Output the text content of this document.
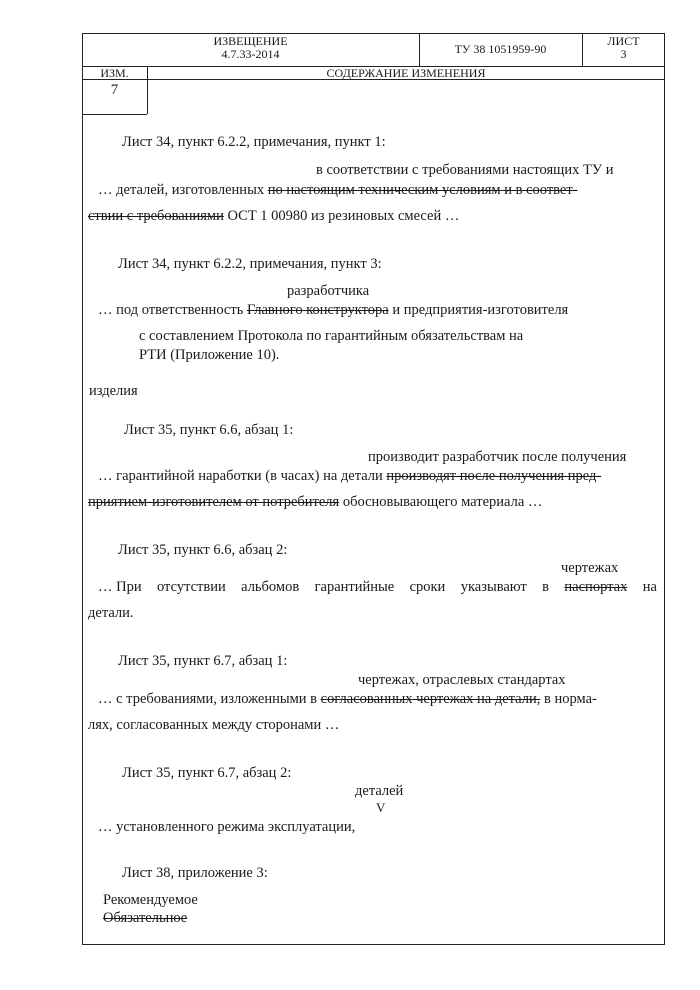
ИЗВЕЩЕНИЕ
4.7.33-2014	ТУ 38 1051959-90
ЛИСТ
3
ИЗМ.	СОДЕРЖАНИЕ ИЗМЕНЕНИЯ
7
Лист 34, пункт 6.2.2, примечания, пункт 1:
в соответствии с требованиями настоящих ТУ и
… деталей, изготовленных по настоящим техническим условиям и в соответ-
ствии с требованиями ОСТ 1 00980 из резиновых смесей …
Лист 34, пункт 6.2.2, примечания, пункт 3:
разработчика
… под ответственность Главного конструктора и предприятия-изготовителя
с составлением Протокола по гарантийным обязательствам на
РТИ (Приложение 10).
изделия
Лист 35, пункт 6.6, абзац 1:
производит разработчик после получения
… гарантийной наработки (в часах) на детали производят после получения пред-
приятием-изготовителем от потребителя обосновывающего материала …
Лист 35, пункт 6.6, абзац 2:
чертежах
… При отсутствии альбомов гарантийные сроки указывают в паспортах на
детали.
Лист 35, пункт 6.7, абзац 1:
чертежах, отраслевых стандартах
… с требованиями, изложенными в согласованных чертежах на детали, в норма-
лях, согласованных между сторонами …
Лист 35, пункт 6.7, абзац 2:
деталей
V
… установленного режима эксплуатации,
Лист 38, приложение 3:
Рекомендуемое
Обязательное
